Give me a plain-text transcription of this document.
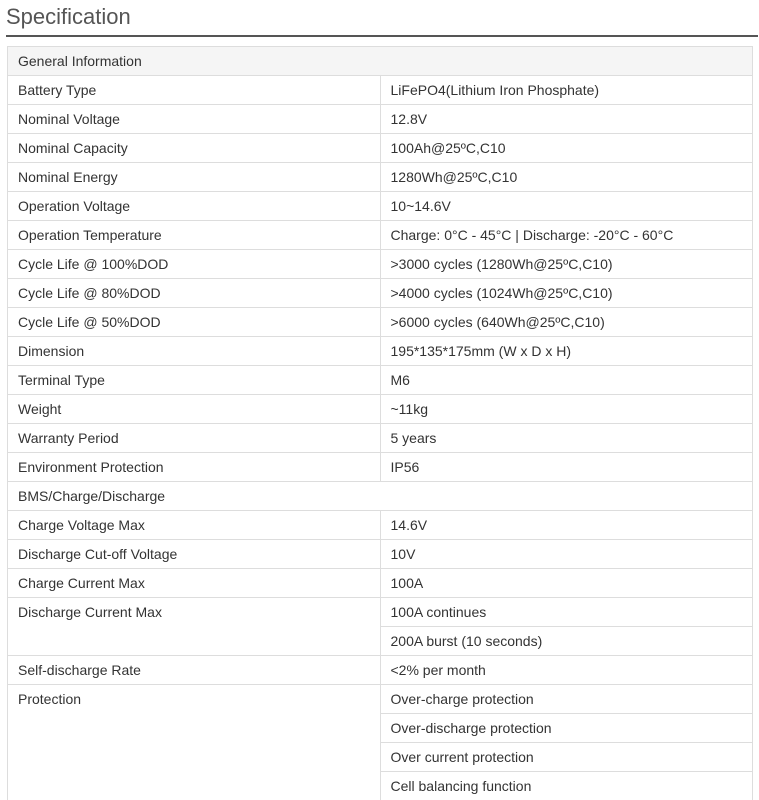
Specification
General Information	
Battery Type	LiFePO4(Lithium Iron Phosphate)
Nominal Voltage	12.8V
Nominal Capacity	100Ah@25ºC,C10
Nominal Energy	1280Wh@25ºC,C10
Operation Voltage	10~14.6V
Operation Temperature	Charge: 0°C - 45°C | Discharge: -20°C - 60°C
Cycle Life @ 100%DOD	>3000 cycles (1280Wh@25ºC,C10)
Cycle Life @ 80%DOD	>4000 cycles (1024Wh@25ºC,C10)
Cycle Life @ 50%DOD	>6000 cycles (640Wh@25ºC,C10)
Dimension	195*135*175mm (W x D x H)
Terminal Type	M6
Weight	~11kg
Warranty Period	5 years
Environment Protection	IP56
BMS/Charge/Discharge	
Charge Voltage Max	14.6V
Discharge Cut-off Voltage	10V
Charge Current Max	100A
Discharge Current Max	100A continues
	200A burst (10 seconds)
Self-discharge Rate	<2% per month
Protection	Over-charge protection
	Over-discharge protection
	Over current protection
	Cell balancing function
